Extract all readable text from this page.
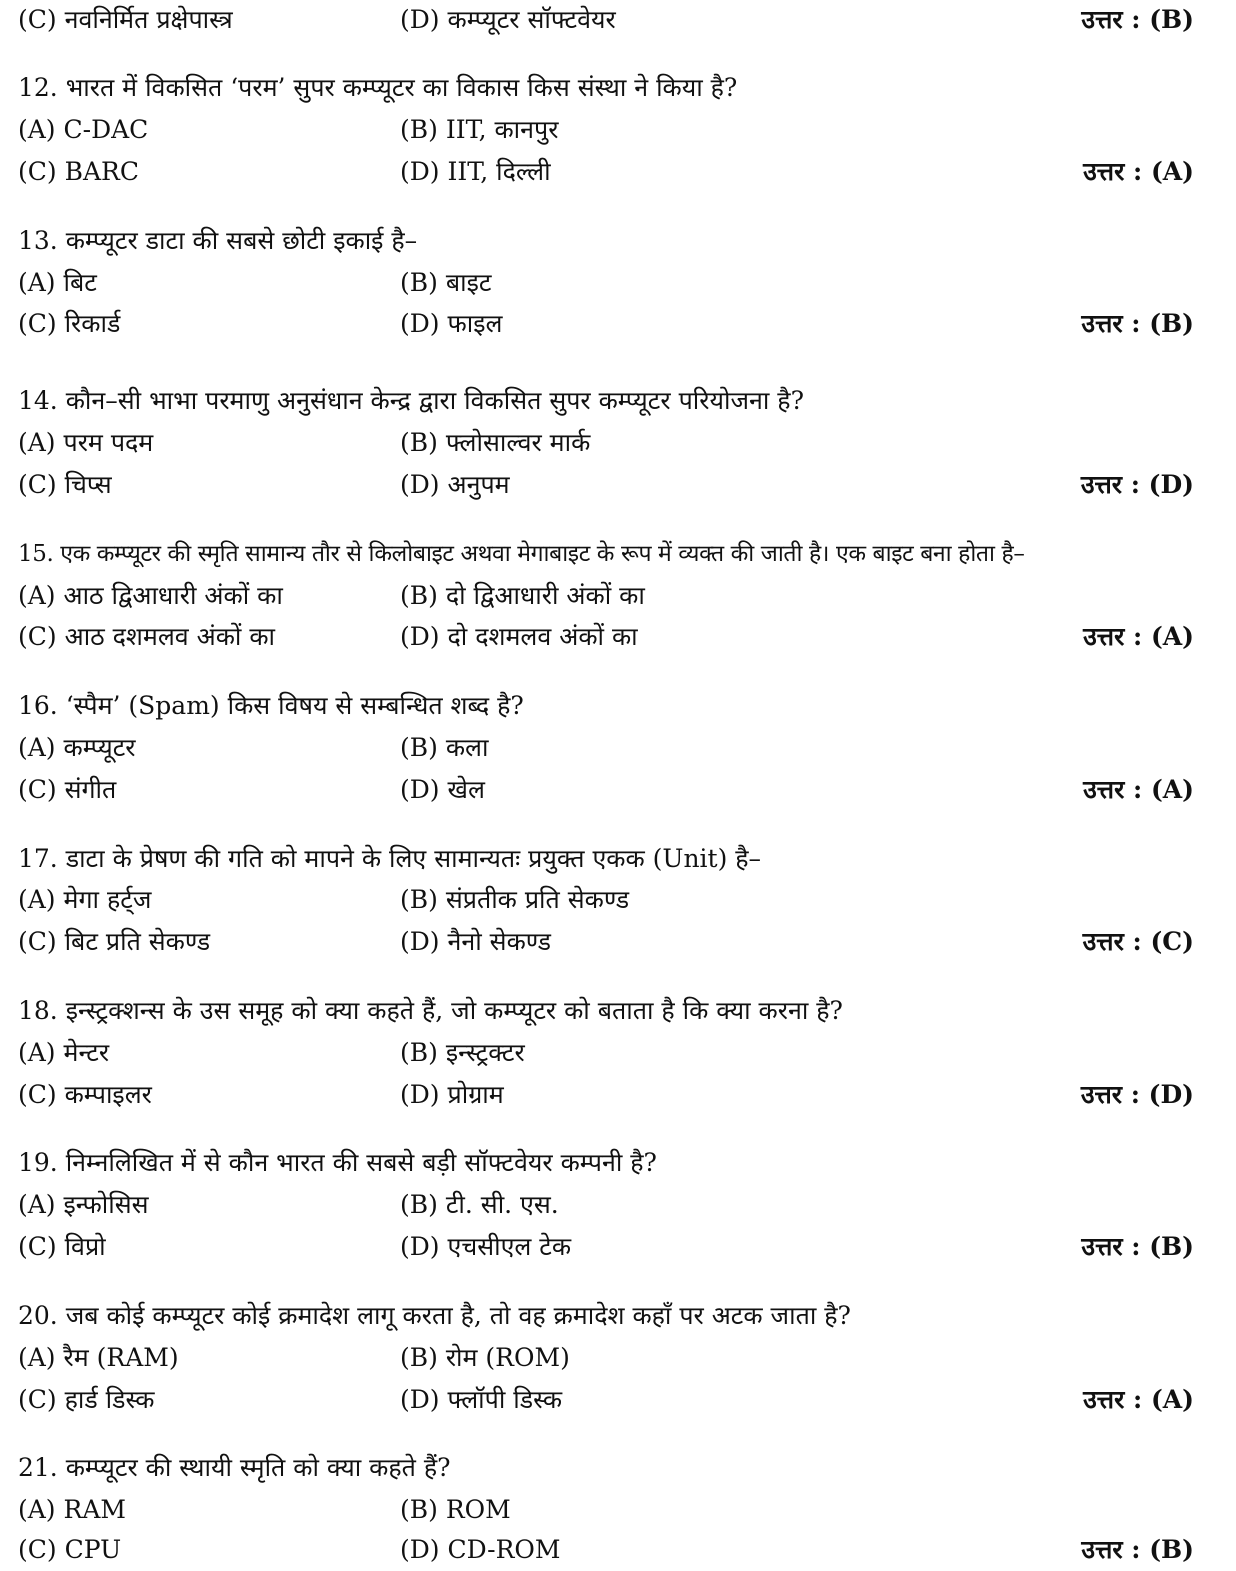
(C) नवनिर्मित प्रक्षेपास्त्र	(D) कम्प्यूटर सॉफ्टवेयर	उत्तर : (B)
12. भारत में विकसित ‘परम’ सुपर कम्प्यूटर का विकास किस संस्था ने किया है?
(A) C-DAC	(B) IIT, कानपुर
(C) BARC	(D) IIT, दिल्ली	उत्तर : (A)
13. कम्प्यूटर डाटा की सबसे छोटी इकाई है–
(A) बिट	(B) बाइट
(C) रिकार्ड	(D) फाइल	उत्तर : (B)
14. कौन–सी भाभा परमाणु अनुसंधान केन्द्र द्वारा विकसित सुपर कम्प्यूटर परियोजना है?
(A) परम पदम	(B) फ्लोसाल्वर मार्क
(C) चिप्स	(D) अनुपम	उत्तर : (D)
15. एक कम्प्यूटर की स्मृति सामान्य तौर से किलोबाइट अथवा मेगाबाइट के रूप में व्यक्त की जाती है। एक बाइट बना होता है–
(A) आठ द्विआधारी अंकों का	(B) दो द्विआधारी अंकों का
(C) आठ दशमलव अंकों का	(D) दो दशमलव अंकों का	उत्तर : (A)
16. ‘स्पैम’ (Spam) किस विषय से सम्बन्धित शब्द है?
(A) कम्प्यूटर	(B) कला
(C) संगीत	(D) खेल	उत्तर : (A)
17. डाटा के प्रेषण की गति को मापने के लिए सामान्यतः प्रयुक्त एकक (Unit) है–
(A) मेगा हर्ट्ज	(B) संप्रतीक प्रति सेकण्ड
(C) बिट प्रति सेकण्ड	(D) नैनो सेकण्ड	उत्तर : (C)
18. इन्स्ट्रक्शन्स के उस समूह को क्या कहते हैं, जो कम्प्यूटर को बताता है कि क्या करना है?
(A) मेन्टर	(B) इन्स्ट्रक्टर
(C) कम्पाइलर	(D) प्रोग्राम	उत्तर : (D)
19. निम्नलिखित में से कौन भारत की सबसे बड़ी सॉफ्टवेयर कम्पनी है?
(A) इन्फोसिस	(B) टी. सी. एस.
(C) विप्रो	(D) एचसीएल टेक	उत्तर : (B)
20. जब कोई कम्प्यूटर कोई क्रमादेश लागू करता है, तो वह क्रमादेश कहाँ पर अटक जाता है?
(A) रैम (RAM)	(B) रोम (ROM)
(C) हार्ड डिस्क	(D) फ्लॉपी डिस्क	उत्तर : (A)
21. कम्प्यूटर की स्थायी स्मृति को क्या कहते हैं?
(A) RAM	(B) ROM
(C) CPU	(D) CD-ROM	उत्तर : (B)
